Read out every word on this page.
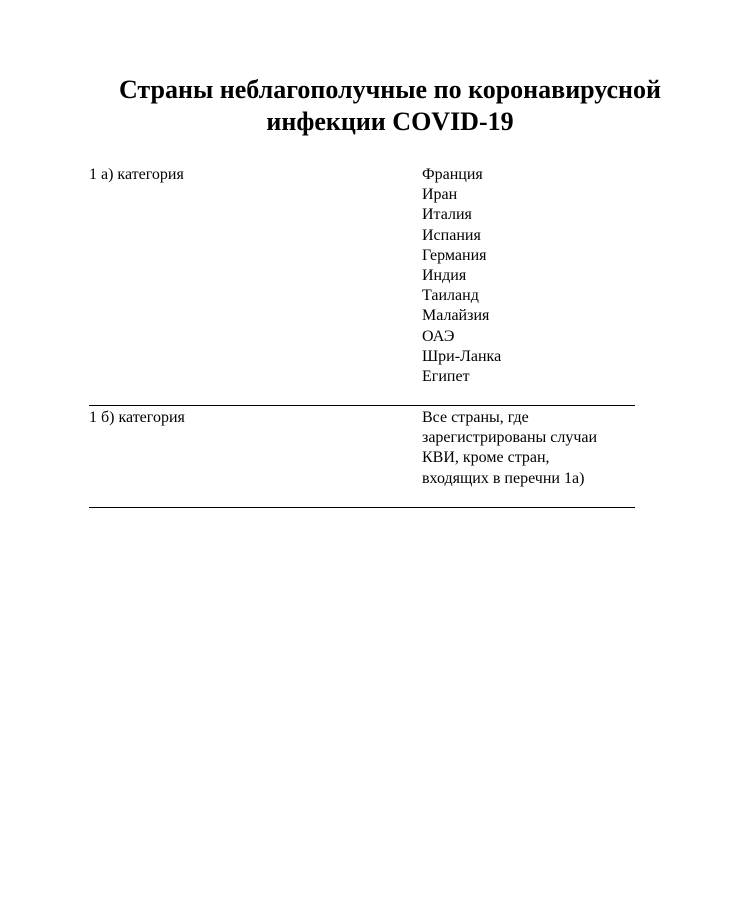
Страны неблагополучные по коронавирусной
инфекции COVID-19
1 а) категория	Франция
Иран
Италия
Испания
Германия
Индия
Таиланд
Малайзия
ОАЭ
Шри-Ланка
Египет
1 б) категория	Все страны, где
зарегистрированы случаи
КВИ, кроме стран,
входящих в перечни 1а)
